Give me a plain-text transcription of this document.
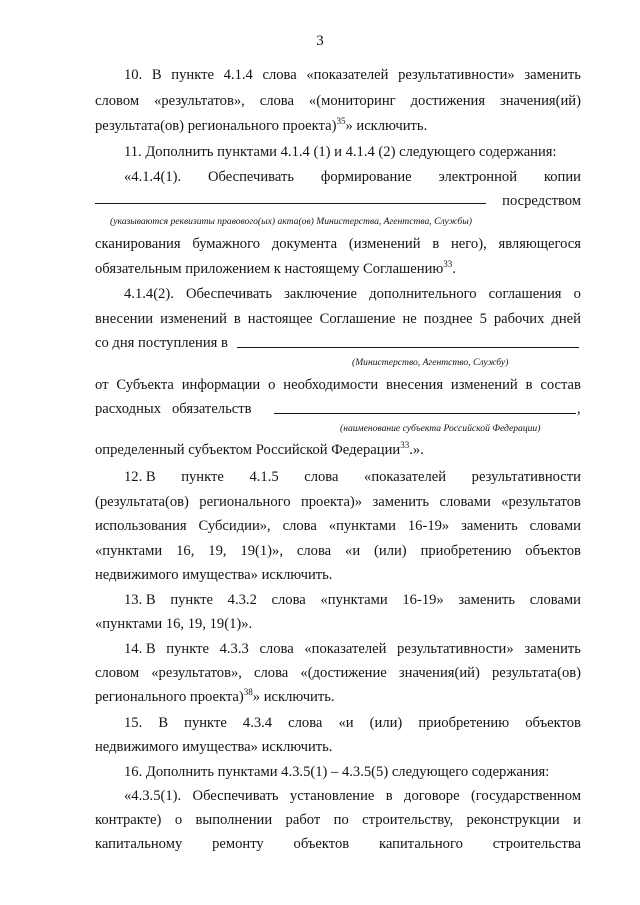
3
10. В пункте 4.1.4 слова «показателей результативности» заменить
словом «результатов», слова «(мониторинг достижения значения(ий)
результата(ов) регионального проекта)$^{35}$» исключить.
11. Дополнить пунктами 4.1.4 (1) и 4.1.4 (2) следующего содержания:
«4.1.4(1). Обеспечивать формирование электронной копии
посредством
(указываются реквизиты правового(ых) акта(ов) Министерства, Агентства, Службы)
сканирования бумажного документа (изменений в него), являющегося
обязательным приложением к настоящему Соглашению$^{33}$.
4.1.4(2). Обеспечивать заключение дополнительного соглашения о
внесении изменений в настоящее Соглашение не позднее 5 рабочих дней
со дня поступления в
(Министерство, Агентство, Службу)
от Субъекта информации о необходимости внесения изменений в состав
расходных обязательств	,
(наименование субъекта Российской Федерации)
определенный субъектом Российской Федерации$^{33}$.».
12. В пункте 4.1.5 слова «показателей результативности
(результата(ов) регионального проекта)» заменить словами «результатов
использования Субсидии», слова «пунктами 16-19» заменить словами
«пунктами 16, 19, 19(1)», слова «и (или) приобретению объектов
недвижимого имущества» исключить.
13. В пункте 4.3.2 слова «пунктами 16-19» заменить словами
«пунктами 16, 19, 19(1)».
14. В пункте 4.3.3 слова «показателей результативности» заменить
словом «результатов», слова «(достижение значения(ий) результата(ов)
регионального проекта)$^{38}$» исключить.
15. В пункте 4.3.4 слова «и (или) приобретению объектов
недвижимого имущества» исключить.
16. Дополнить пунктами 4.3.5(1) – 4.3.5(5) следующего содержания:
«4.3.5(1). Обеспечивать установление в договоре (государственном
контракте) о выполнении работ по строительству, реконструкции и
капитальному ремонту объектов капитального строительства
